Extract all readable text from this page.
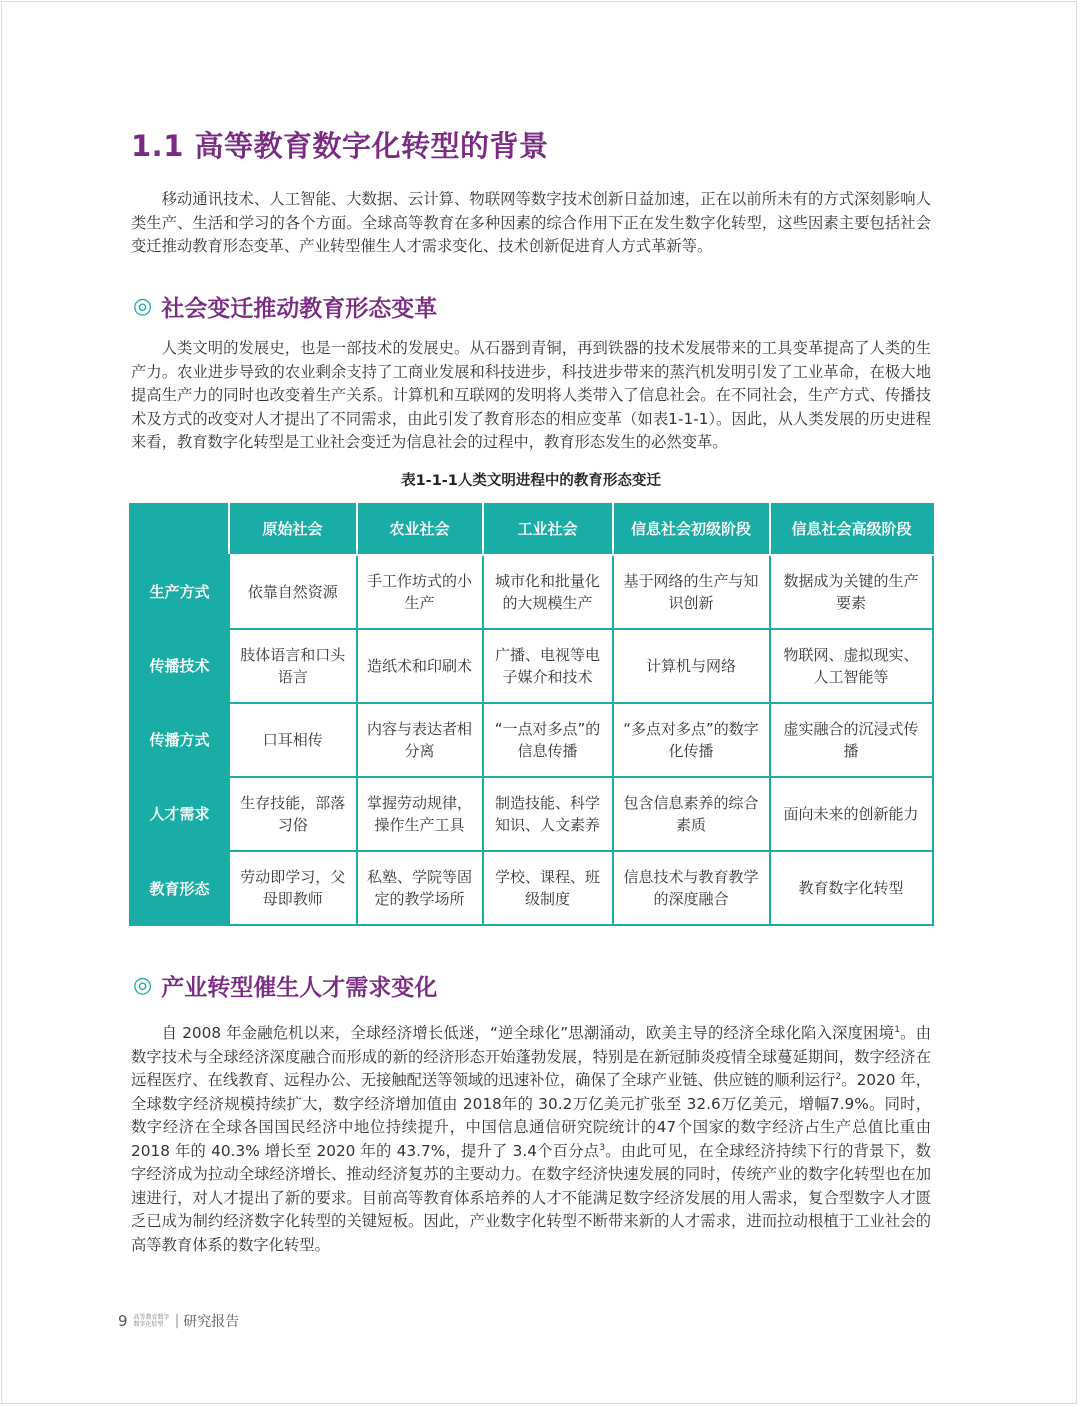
1.1 高等教育数字化转型的背景

移动通讯技术、人工智能、大数据、云计算、物联网等数字技术创新日益加速，正在以前所未有的方式深刻影响人类生产、生活和学习的各个方面。全球高等教育在多种因素的综合作用下正在发生数字化转型，这些因素主要包括社会变迁推动教育形态变革、产业转型催生人才需求变化、技术创新促进育人方式革新等。

◎ 社会变迁推动教育形态变革

人类文明的发展史，也是一部技术的发展史。从石器到青铜，再到铁器的技术发展带来的工具变革提高了人类的生产力。农业进步导致的农业剩余支持了工商业发展和科技进步，科技进步带来的蒸汽机发明引发了工业革命，在极大地提高生产力的同时也改变着生产关系。计算机和互联网的发明将人类带入了信息社会。在不同社会，生产方式、传播技术及方式的改变对人才提出了不同需求，由此引发了教育形态的相应变革（如表1-1-1）。因此，从人类发展的历史进程来看，教育数字化转型是工业社会变迁为信息社会的过程中，教育形态发生的必然变革。

表1-1-1人类文明进程中的教育形态变迁
	原始社会	农业社会	工业社会	信息社会初级阶段	信息社会高级阶段
生产方式	依靠自然资源	手工作坊式的小生产	城市化和批量化的大规模生产	基于网络的生产与知识创新	数据成为关键的生产要素
传播技术	肢体语言和口头语言	造纸术和印刷术	广播、电视等电子媒介和技术	计算机与网络	物联网、虚拟现实、人工智能等
传播方式	口耳相传	内容与表达者相分离	“一点对多点”的信息传播	“多点对多点”的数字化传播	虚实融合的沉浸式传播
人才需求	生存技能，部落习俗	掌握劳动规律，操作生产工具	制造技能、科学知识、人文素养	包含信息素养的综合素质	面向未来的创新能力
教育形态	劳动即学习，父母即教师	私塾、学院等固定的教学场所	学校、课程、班级制度	信息技术与教育教学的深度融合	教育数字化转型
◎ 产业转型催生人才需求变化

自 2008 年金融危机以来，全球经济增长低迷，“逆全球化”思潮涌动，欧美主导的经济全球化陷入深度困境$^1$。由数字技术与全球经济深度融合而形成的新的经济形态开始蓬勃发展，特别是在新冠肺炎疫情全球蔓延期间，数字经济在远程医疗、在线教育、远程办公、无接触配送等领域的迅速补位，确保了全球产业链、供应链的顺利运行$^2$。2020 年，全球数字经济规模持续扩大，数字经济增加值由 2018年的 30.2万亿美元扩张至 32.6万亿美元，增幅7.9%。同时，数字经济在全球各国国民经济中地位持续提升，中国信息通信研究院统计的47个国家的数字经济占生产总值比重由 2018 年的 40.3% 增长至 2020 年的 43.7%，提升了 3.4个百分点$^3$。由此可见，在全球经济持续下行的背景下，数字经济成为拉动全球经济增长、推动经济复苏的主要动力。在数字经济快速发展的同时，传统产业的数字化转型也在加速进行，对人才提出了新的要求。目前高等教育体系培养的人才不能满足数字经济发展的用人需求，复合型数字人才匮乏已成为制约经济数字化转型的关键短板。因此，产业数字化转型不断带来新的人才需求，进而拉动根植于工业社会的高等教育体系的数字化转型。

9 高等教育数字
数字化转型 | 研究报告
